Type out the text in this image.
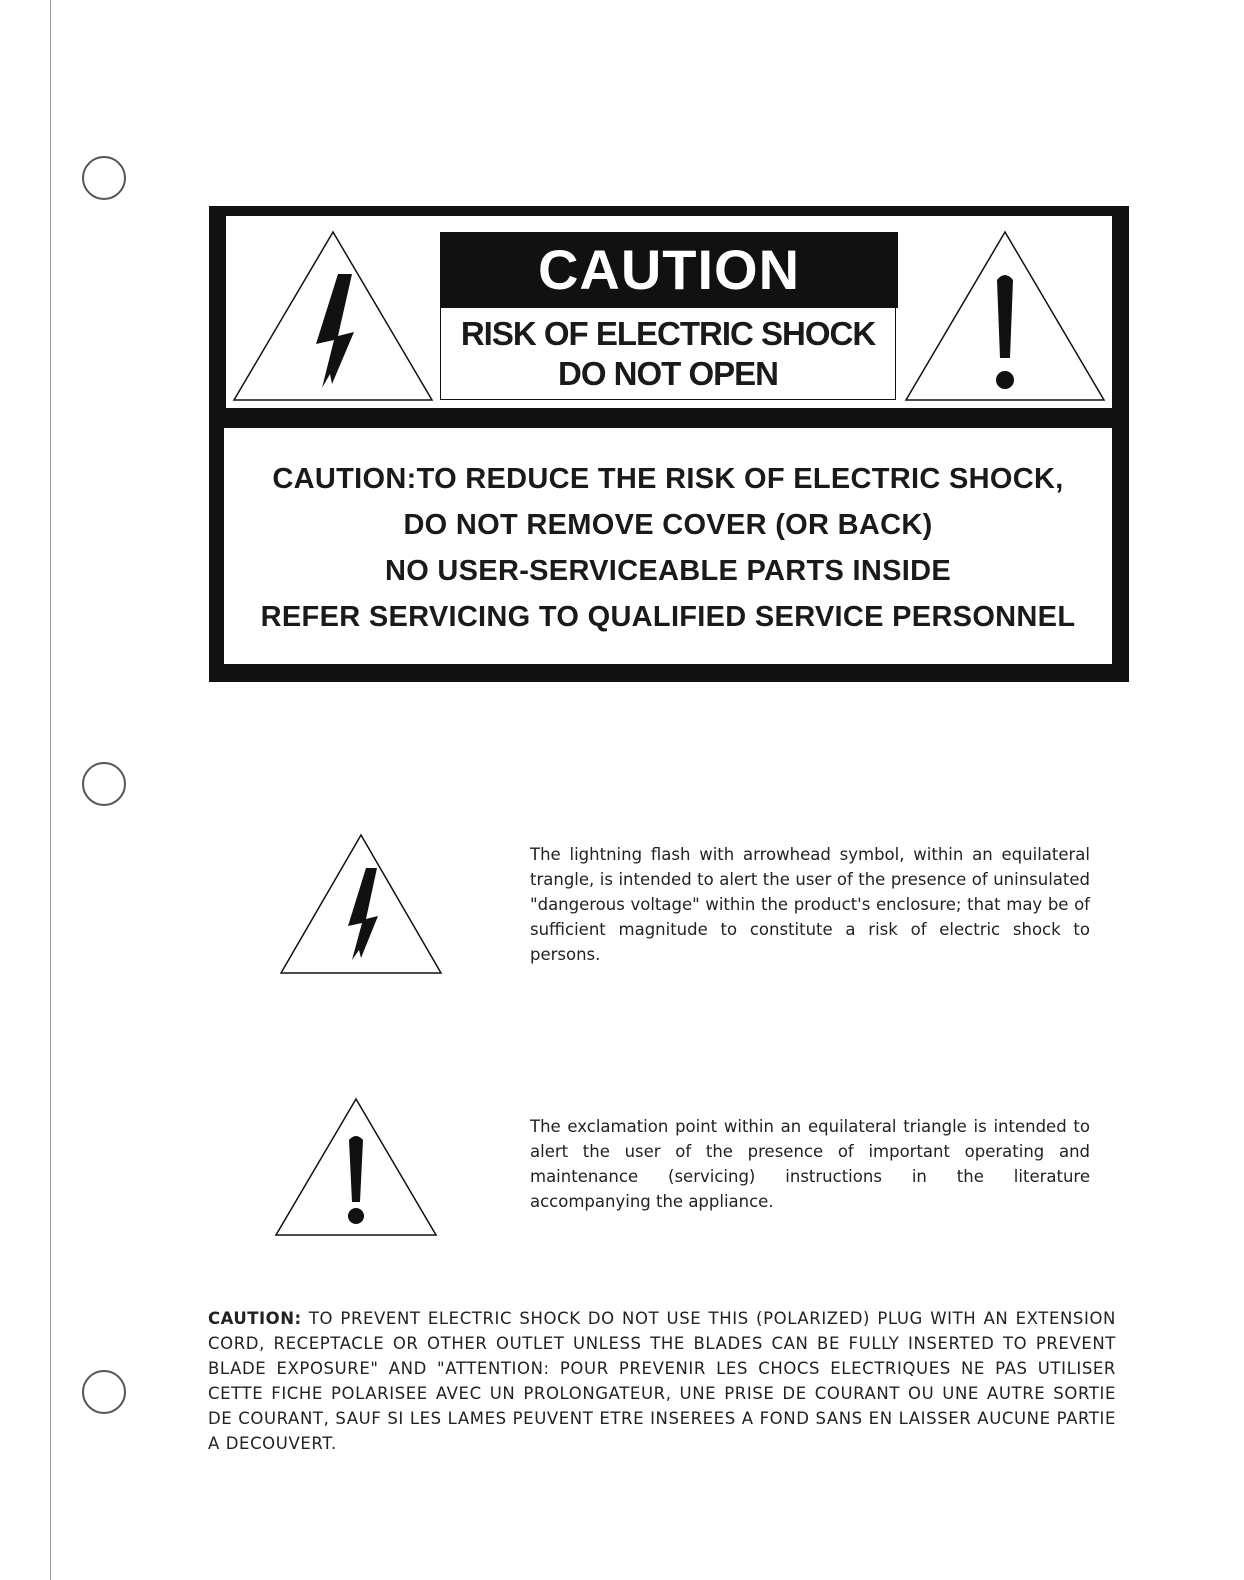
CAUTION
RISK OF ELECTRIC SHOCK
DO NOT OPEN
CAUTION:TO REDUCE THE RISK OF ELECTRIC SHOCK,
DO NOT REMOVE COVER (OR BACK)
NO USER-SERVICEABLE PARTS INSIDE
REFER SERVICING TO QUALIFIED SERVICE PERSONNEL
The lightning flash with arrowhead symbol, within an equilateral trangle, is intended to alert the user of the presence of uninsulated "dangerous voltage" within the product's enclosure; that may be of sufficient magnitude to constitute a risk of electric shock to persons.
The exclamation point within an equilateral triangle is intended to alert the user of the presence of important operating and maintenance (servicing) instructions in the literature accompanying the appliance.
CAUTION: TO PREVENT ELECTRIC SHOCK DO NOT USE THIS (POLARIZED) PLUG WITH AN EXTENSION CORD, RECEPTACLE OR OTHER OUTLET UNLESS THE BLADES CAN BE FULLY INSERTED TO PREVENT BLADE EXPOSURE" AND "ATTENTION: POUR PREVENIR LES CHOCS ELECTRIQUES NE PAS UTILISER CETTE FICHE POLARISEE AVEC UN PROLONGATEUR, UNE PRISE DE COURANT OU UNE AUTRE SORTIE DE COURANT, SAUF SI LES LAMES PEUVENT ETRE INSEREES A FOND SANS EN LAISSER AUCUNE PARTIE A DECOUVERT.
